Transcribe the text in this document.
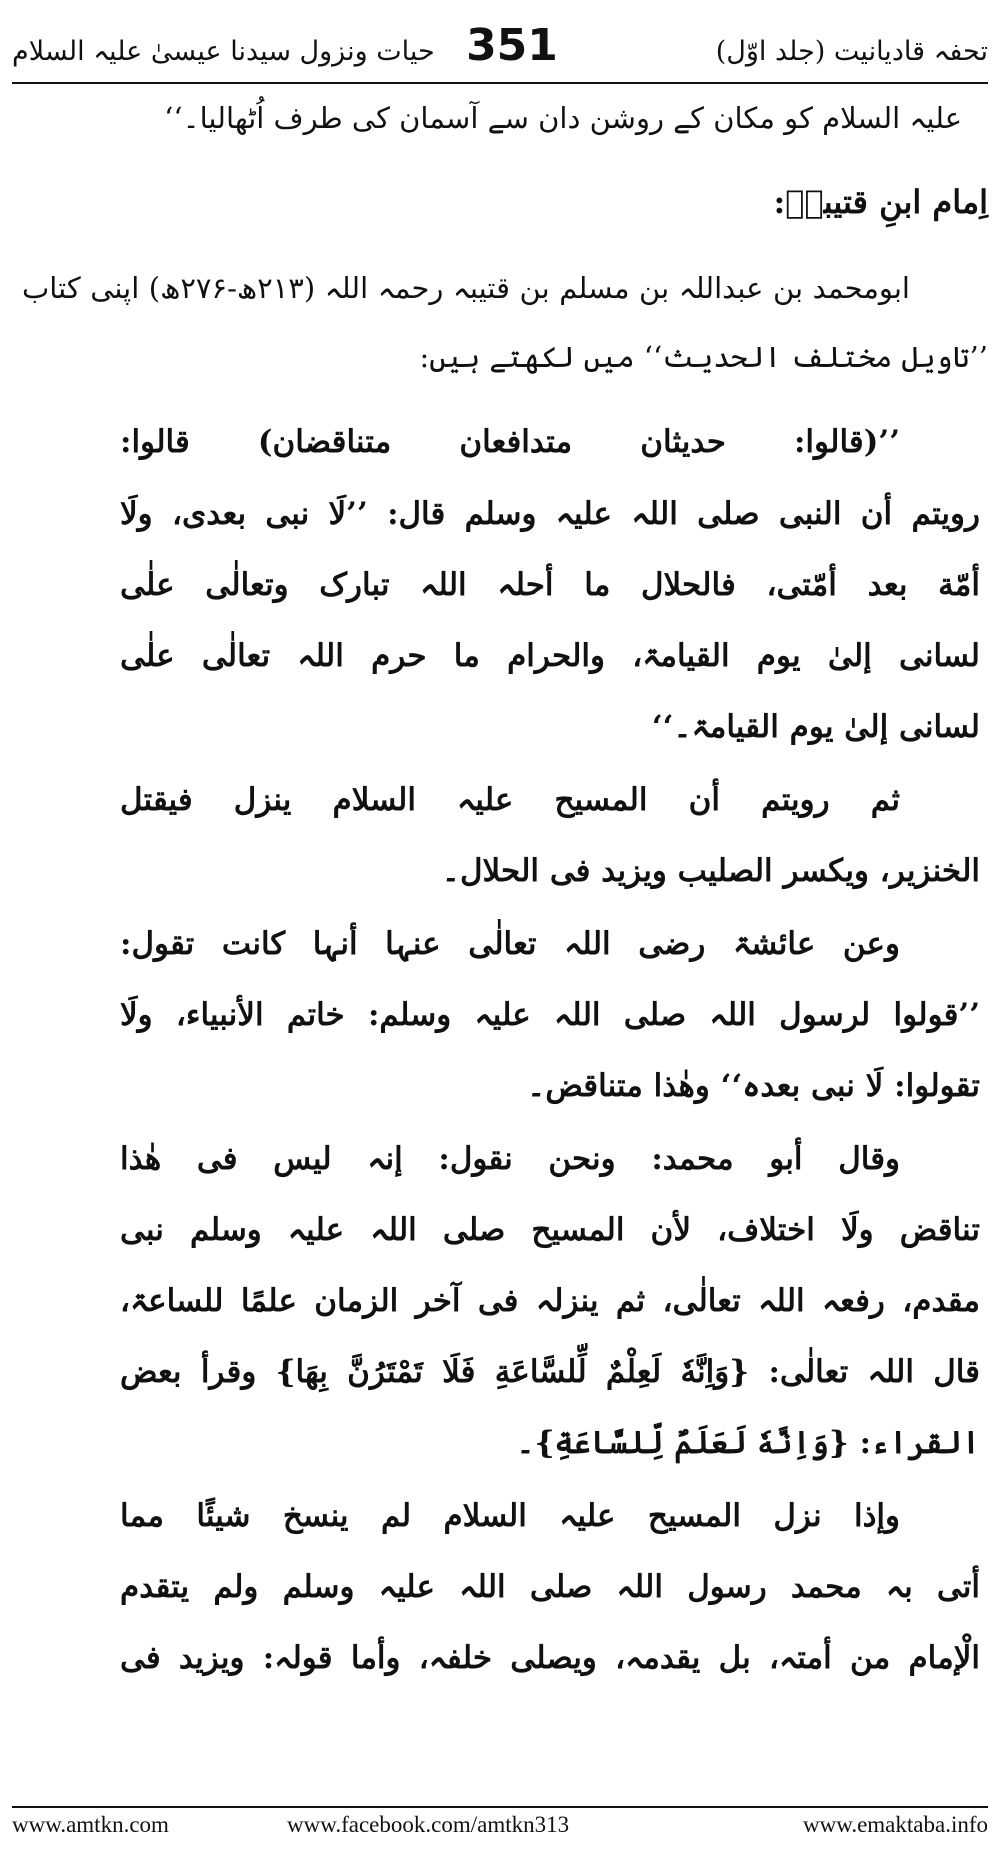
حیات ونزول سیدنا عیسیٰ علیہ السلام 351	تحفہ قادیانیت (جلد اوّل)
علیہ السلام کو مکان کے روشن دان سے آسمان کی طرف اُٹھالیا۔‘‘
اِمام ابنِ قتیبہؒ:
ابومحمد بن عبداللہ بن مسلم بن قتیبہ رحمہ اللہ (۲۱۳ھ-۲۷۶ھ) اپنی کتاب
’’تاویل مختلف الحدیث‘‘ میں لکھتے ہیں:
’’(قالوا: حدیثان متدافعان متناقضان) قالوا:
رویتم أن النبی صلی اللہ علیہ وسلم قال: ’’لَا نبی بعدی، ولَا
أمّة بعد أمّتی، فالحلال ما أحلہ اللہ تبارک وتعالٰی علٰی
لسانی إلیٰ یوم القیامۃ، والحرام ما حرم اللہ تعالٰی علٰی
لسانی إلیٰ یوم القیامۃ۔‘‘
ثم رویتم أن المسیح علیہ السلام ینزل فیقتل
الخنزیر، ویکسر الصلیب ویزید فی الحلال۔
وعن عائشۃ رضی اللہ تعالٰی عنہا أنہا کانت تقول:
’’قولوا لرسول اللہ صلی اللہ علیہ وسلم: خاتم الأنبیاء، ولَا
تقولوا: لَا نبی بعدہ‘‘ وھٰذا متناقض۔
وقال أبو محمد: ونحن نقول: إنہ لیس فی ھٰذا
تناقض ولَا اختلاف، لأن المسیح صلی اللہ علیہ وسلم نبی
مقدم، رفعہ اللہ تعالٰی، ثم ینزلہ فی آخر الزمان علمًا للساعۃ،
قال اللہ تعالٰی: {وَاِنَّهٗ لَعِلْمٌ لِّلسَّاعَةِ فَلَا تَمْتَرُنَّ بِهَا} وقرأ بعض
القراء: {وَاِنَّهٗ لَعَلَمٌ لِّلسَّاعَةِ}۔
وإذا نزل المسیح علیہ السلام لم ینسخ شیئًا مما
أتی بہ محمد رسول اللہ صلی اللہ علیہ وسلم ولم یتقدم
الْإمام من أمتہ، بل یقدمہ، ویصلی خلفہ، وأما قولہ: ویزید فی
www.amtkn.com	www.facebook.com/amtkn313	www.emaktaba.info
